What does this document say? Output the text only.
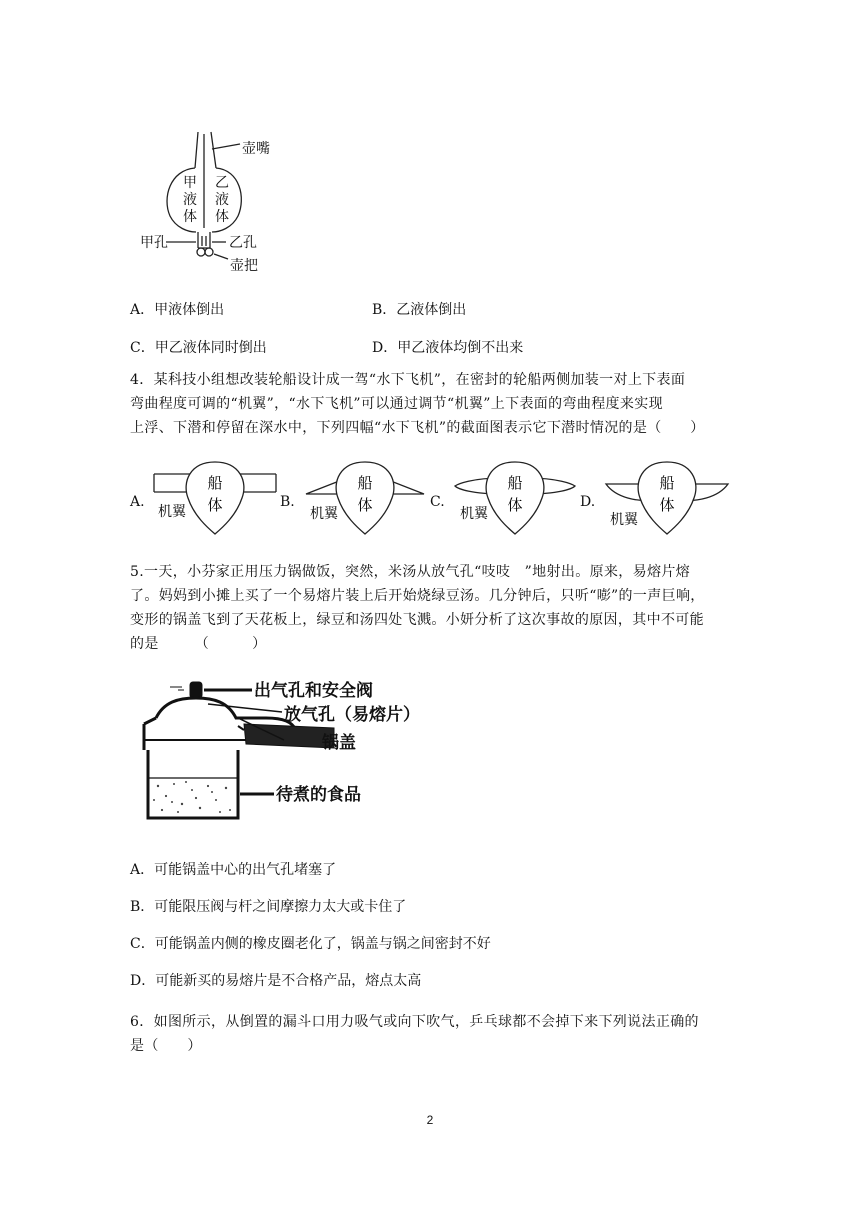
壶嘴
甲
液
体
乙
液
体
甲孔	乙孔
壶把
A．甲液体倒出	B．乙液体倒出
C．甲乙液体同时倒出	D．甲乙液体均倒不出来
4．某科技小组想改装轮船设计成一驾“水下飞机”，在密封的轮船两侧加装一对上下表面
弯曲程度可调的“机翼”，“水下飞机”可以通过调节“机翼”上下表面的弯曲程度来实现
上浮、下潜和停留在深水中，下列四幅“水下飞机”的截面图表示它下潜时情况的是（　　）
A.
船
体
机翼
B.
船
体
机翼
C.
船
体
机翼
D.
船
体
机翼
5.一天，小芬家正用压力锅做饭，突然，米汤从放气孔“吱吱　”地射出。原来，易熔片熔
了。妈妈到小摊上买了一个易熔片装上后开始烧绿豆汤。几分钟后，只听“嘭”的一声巨响，
变形的锅盖飞到了天花板上，绿豆和汤四处飞溅。小妍分析了这次事故的原因，其中不可能
的是　　　（　　　）
出气孔和安全阀
放气孔（易熔片）
锅盖
待煮的食品
A．可能锅盖中心的出气孔堵塞了
B．可能限压阀与杆之间摩擦力太大或卡住了
C．可能锅盖内侧的橡皮圈老化了，锅盖与锅之间密封不好
D．可能新买的易熔片是不合格产品，熔点太高
6．如图所示，从倒置的漏斗口用力吸气或向下吹气，乒乓球都不会掉下来下列说法正确的
是（　　）
2
